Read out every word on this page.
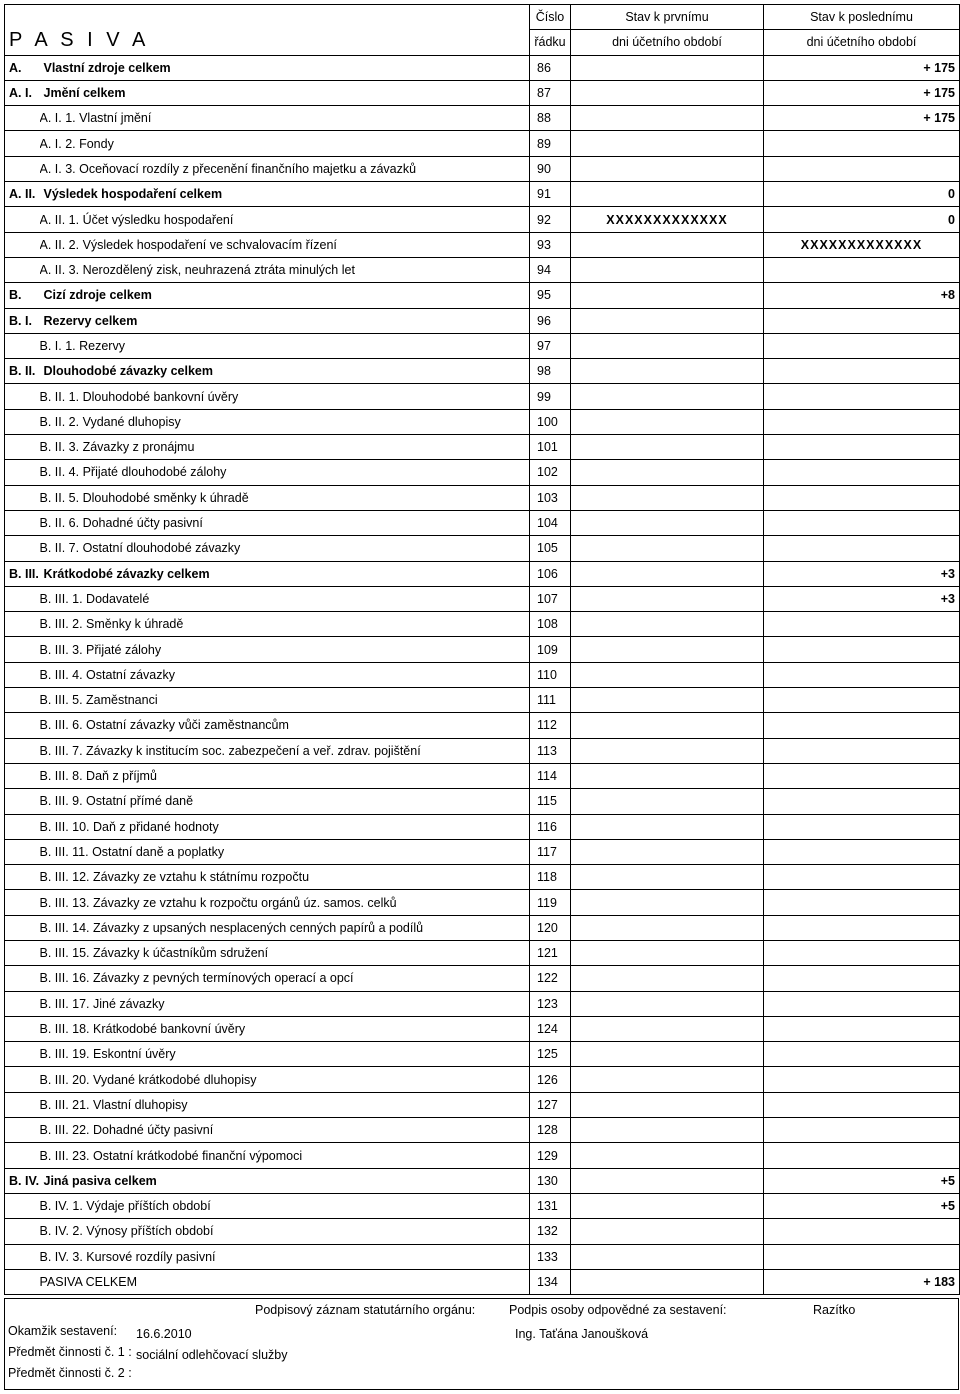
P A S I V A		Číslo	Stav k prvnímu	Stav k poslednímu
		řádku	dni účetního období	dni účetního období
A.	Vlastní zdroje celkem	86		+ 175
A. I.	Jmění celkem	87		+ 175
	A. I. 1. Vlastní jmění	88		+ 175
	A. I. 2. Fondy	89		
	A. I. 3. Oceňovací rozdíly z přecenění finančního majetku a závazků	90		
A. II.	Výsledek hospodaření celkem	91		0
	A. II. 1. Účet výsledku hospodaření	92	XXXXXXXXXXXXX	0
	A. II. 2. Výsledek hospodaření ve schvalovacím řízení	93		XXXXXXXXXXXXX
	A. II. 3. Nerozdělený zisk, neuhrazená ztráta minulých let	94		
B.	Cizí zdroje celkem	95		+8
B. I.	Rezervy celkem	96		
	B. I. 1. Rezervy	97		
B. II.	Dlouhodobé závazky celkem	98		
	B. II. 1. Dlouhodobé bankovní úvěry	99		
	B. II. 2. Vydané dluhopisy	100		
	B. II. 3. Závazky z pronájmu	101		
	B. II. 4. Přijaté dlouhodobé zálohy	102		
	B. II. 5. Dlouhodobé směnky k úhradě	103		
	B. II. 6. Dohadné účty pasivní	104		
	B. II. 7. Ostatní dlouhodobé závazky	105		
B. III.	Krátkodobé závazky celkem	106		+3
	B. III. 1. Dodavatelé	107		+3
	B. III. 2. Směnky k úhradě	108		
	B. III. 3. Přijaté zálohy	109		
	B. III. 4. Ostatní závazky	110		
	B. III. 5. Zaměstnanci	111		
	B. III. 6. Ostatní závazky vůči zaměstnancům	112		
	B. III. 7. Závazky k institucím soc. zabezpečení a veř. zdrav. pojištění	113		
	B. III. 8. Daň z příjmů	114		
	B. III. 9. Ostatní přímé daně	115		
	B. III. 10. Daň z přidané hodnoty	116		
	B. III. 11. Ostatní daně a poplatky	117		
	B. III. 12. Závazky ze vztahu k státnímu rozpočtu	118		
	B. III. 13. Závazky ze vztahu k rozpočtu orgánů úz. samos. celků	119		
	B. III. 14. Závazky z upsaných nesplacených cenných papírů a podílů	120		
	B. III. 15. Závazky k účastníkům sdružení	121		
	B. III. 16. Závazky z pevných termínových operací a opcí	122		
	B. III. 17. Jiné závazky	123		
	B. III. 18. Krátkodobé bankovní úvěry	124		
	B. III. 19. Eskontní úvěry	125		
	B. III. 20. Vydané krátkodobé dluhopisy	126		
	B. III. 21. Vlastní dluhopisy	127		
	B. III. 22. Dohadné účty pasivní	128		
	B. III. 23. Ostatní krátkodobé finanční výpomoci	129		
B. IV.	Jiná pasiva celkem	130		+5
	B. IV. 1. Výdaje příštích období	131		+5
	B. IV. 2. Výnosy příštích období	132		
	B. IV. 3. Kursové rozdíly pasivní	133		
	PASIVA CELKEM	134		+ 183
Podpisový záznam statutárního orgánu:	Podpis osoby odpovědné za sestavení:	Razítko
Okamžik sestavení: 16.6.2010	Ing. Taťána Janoušková
Předmět činnosti č. 1 : sociální odlehčovací služby
Předmět činnosti č. 2 :
